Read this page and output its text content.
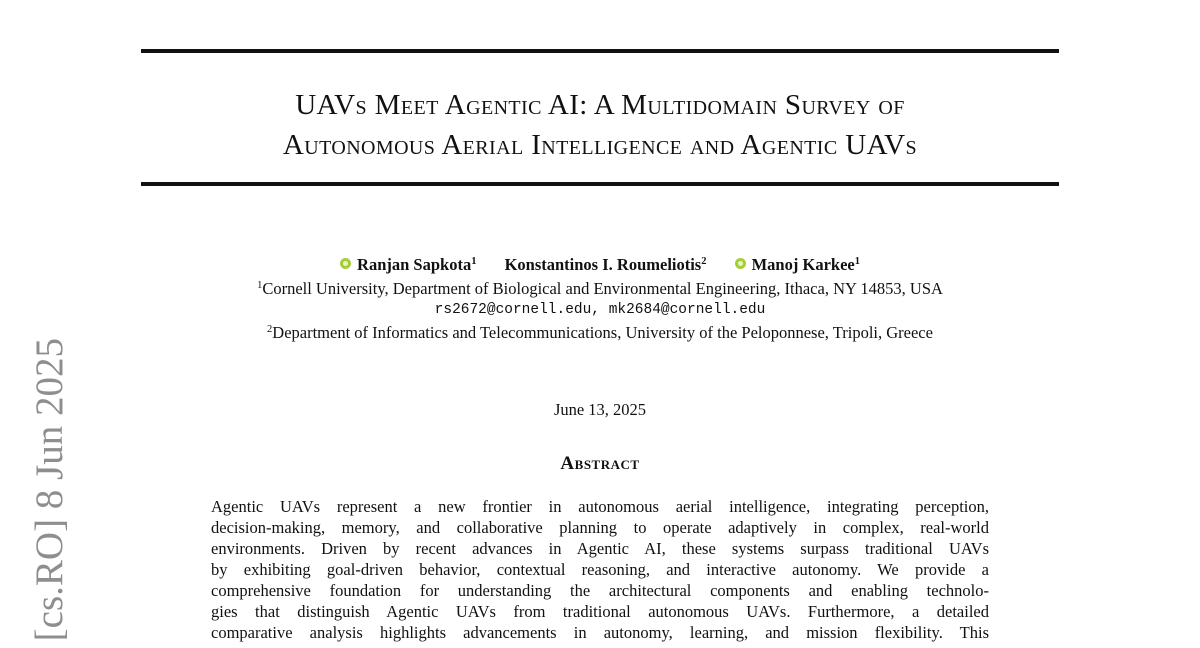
UAVs Meet Agentic AI: A Multidomain Survey of
Autonomous Aerial Intelligence and Agentic UAVs
Ranjan Sapkota$^1$ Konstantinos I. Roumeliotis$^2$	Manoj Karkee$^1$
$^1$Cornell University, Department of Biological and Environmental Engineering, Ithaca, NY 14853, USA
rs2672@cornell.edu, mk2684@cornell.edu
$^2$Department of Informatics and Telecommunications, University of the Peloponnese, Tripoli, Greece
June 13, 2025
Abstract
Agentic UAVs represent a new frontier in autonomous aerial intelligence, integrating perception,
decision-making, memory, and collaborative planning to operate adaptively in complex, real-world
environments. Driven by recent advances in Agentic AI, these systems surpass traditional UAVs
by exhibiting goal-driven behavior, contextual reasoning, and interactive autonomy. We provide a
comprehensive foundation for understanding the architectural components and enabling technolo-
gies that distinguish Agentic UAVs from traditional autonomous UAVs. Furthermore, a detailed
comparative analysis highlights advancements in autonomy, learning, and mission flexibility. This
[cs.RO] 8 Jun 2025
